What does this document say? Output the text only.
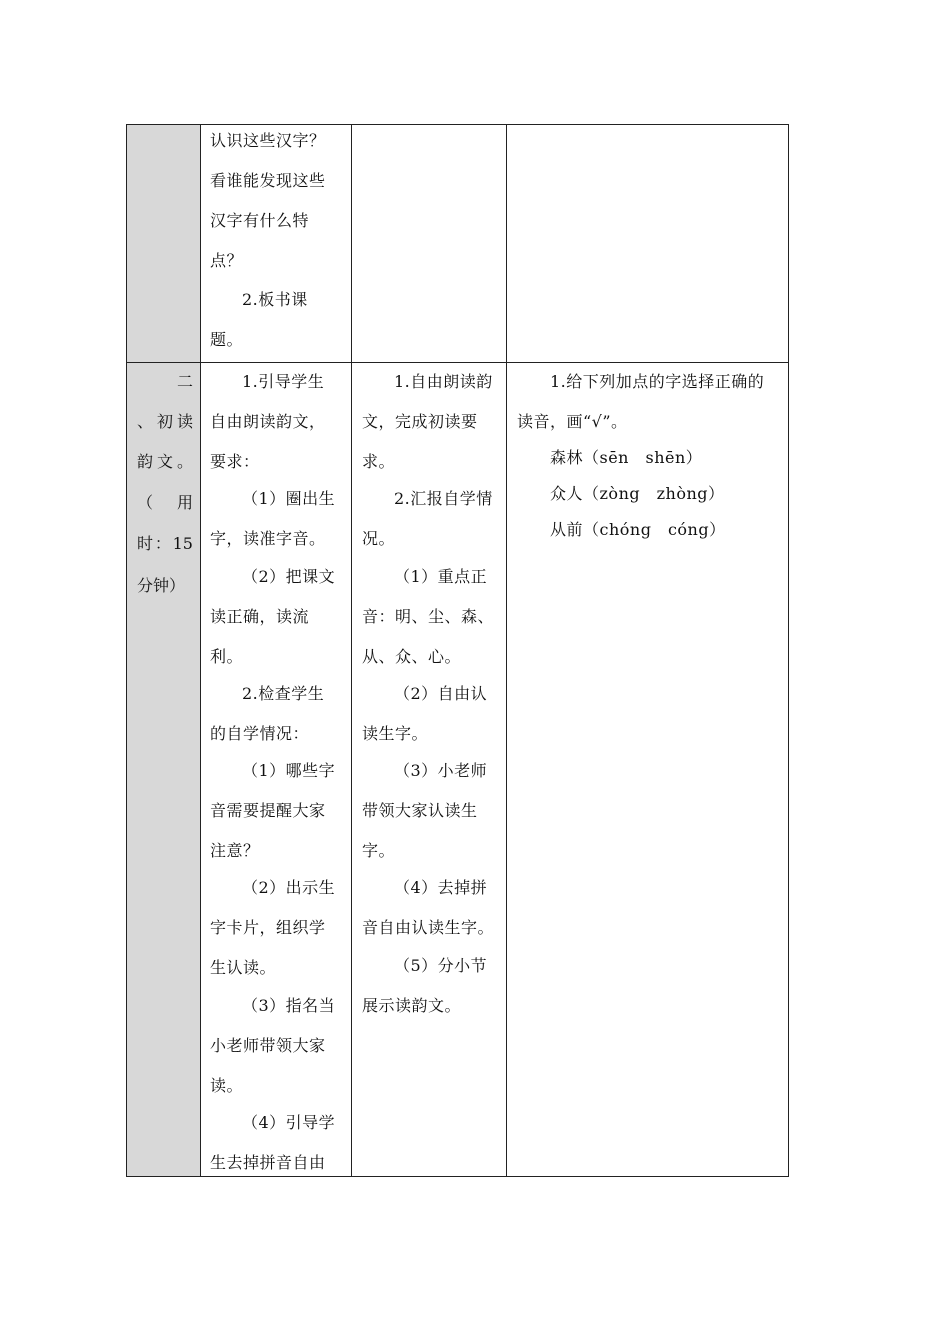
认识这些汉字？
看谁能发现这些
汉字有什么特
点？
2.板书课
题。
二
、初读
韵文。
（ 用
时：15
分钟）
1.引导学生
自由朗读韵文，
要求：
（1）圈出生
字，读准字音。
（2）把课文
读正确，读流
利。
2.检查学生
的自学情况：
（1）哪些字
音需要提醒大家
注意？
（2）出示生
字卡片，组织学
生认读。
（3）指名当
小老师带领大家
读。
（4）引导学
生去掉拼音自由
1.自由朗读韵
文，完成初读要
求。
2.汇报自学情
况。
（1）重点正
音：明、尘、森、
从、众、心。
（2）自由认
读生字。
（3）小老师
带领大家认读生
字。
（4）去掉拼
音自由认读生字。
（5）分小节
展示读韵文。
1.给下列加点的字选择正确的
读音，画“√”。
森林（sēn　shēn）
众人（zòng　zhòng）
从前（chóng　cóng）
